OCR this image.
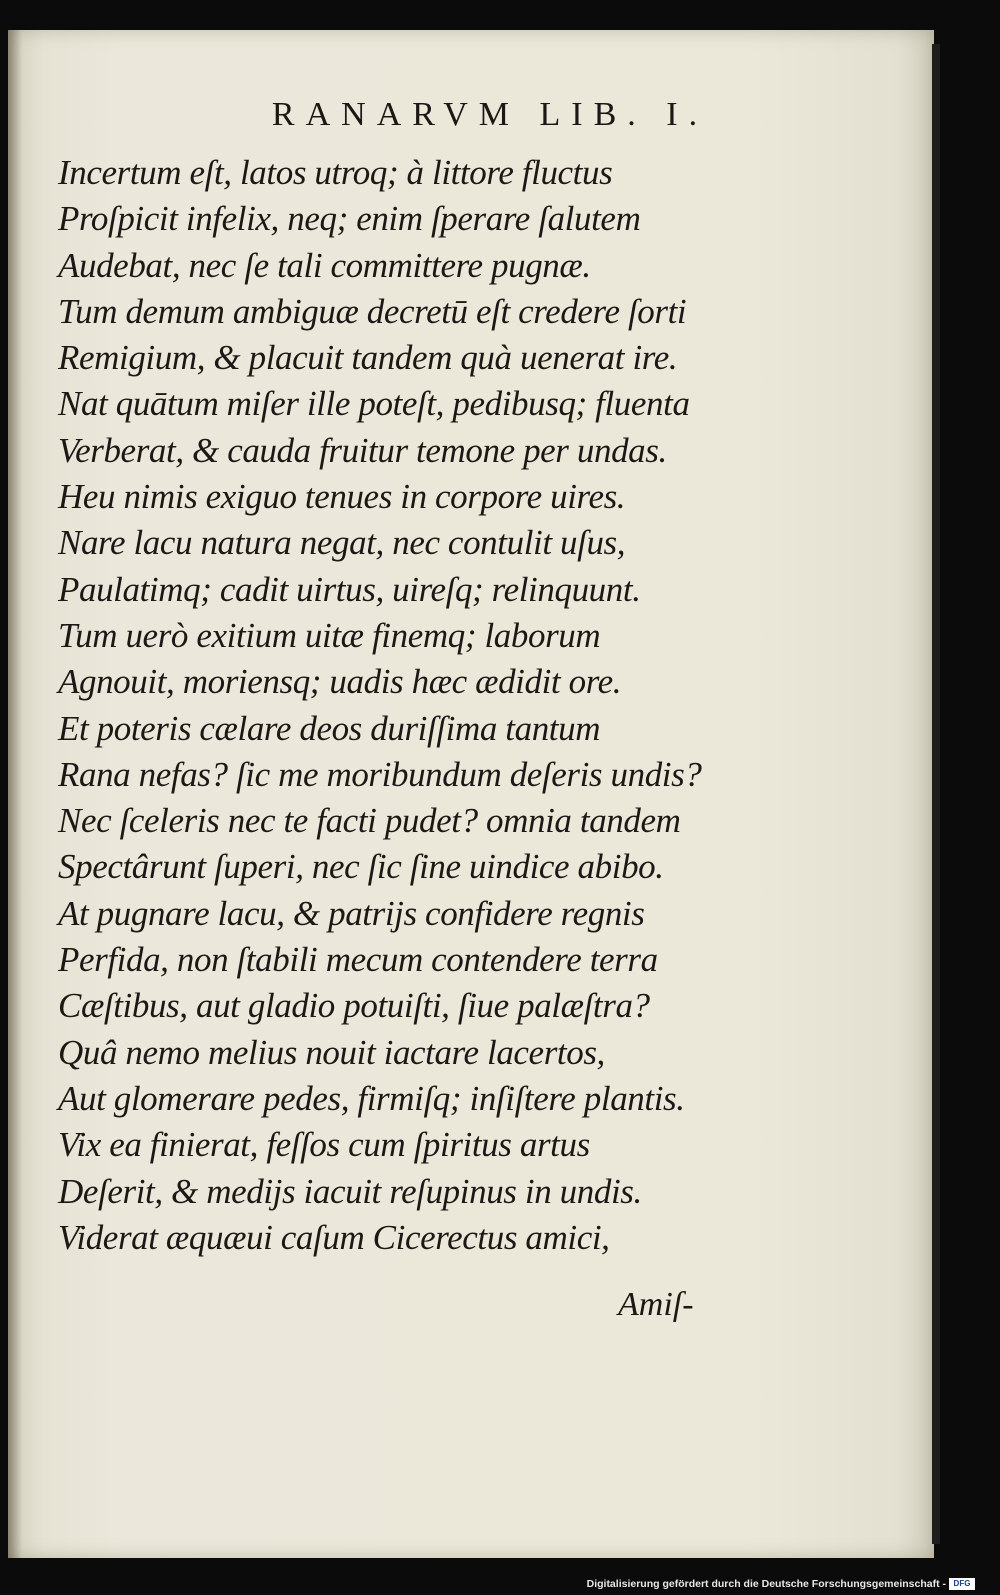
RANARVM LIB. I.
Incertum eſt, latos utroq; à littore fluctus
Proſpicit infelix, neq; enim ſperare ſalutem
Audebat, nec ſe tali committere pugnæ.
Tum demum ambiguæ decretū eſt credere ſorti
Remigium, & placuit tandem quà uenerat ire.
Nat quātum miſer ille poteſt, pedibusq; fluenta
Verberat, & cauda fruitur temone per undas.
Heu nimis exiguo tenues in corpore uires.
Nare lacu natura negat, nec contulit uſus,
Paulatimq; cadit uirtus, uireſq; relinquunt.
Tum uerò exitium uitæ finemq; laborum
Agnouit, moriensq; uadis hæc ædidit ore.
Et poteris cælare deos duriſſima tantum
Rana nefas? ſic me moribundum deſeris undis?
Nec ſceleris nec te facti pudet? omnia tandem
Spectârunt ſuperi, nec ſic ſine uindice abibo.
At pugnare lacu, & patrijs confidere regnis
Perfida, non ſtabili mecum contendere terra
Cæſtibus, aut gladio potuiſti, ſiue palæſtra?
Quâ nemo melius nouit iactare lacertos,
Aut glomerare pedes, firmiſq; inſiſtere plantis.
Vix ea finierat, feſſos cum ſpiritus artus
Deſerit, & medijs iacuit reſupinus in undis.
Viderat æquæui caſum Cicerectus amici,
Amiſ-
Digitalisierung gefördert durch die Deutsche Forschungsgemeinschaft - DFG
